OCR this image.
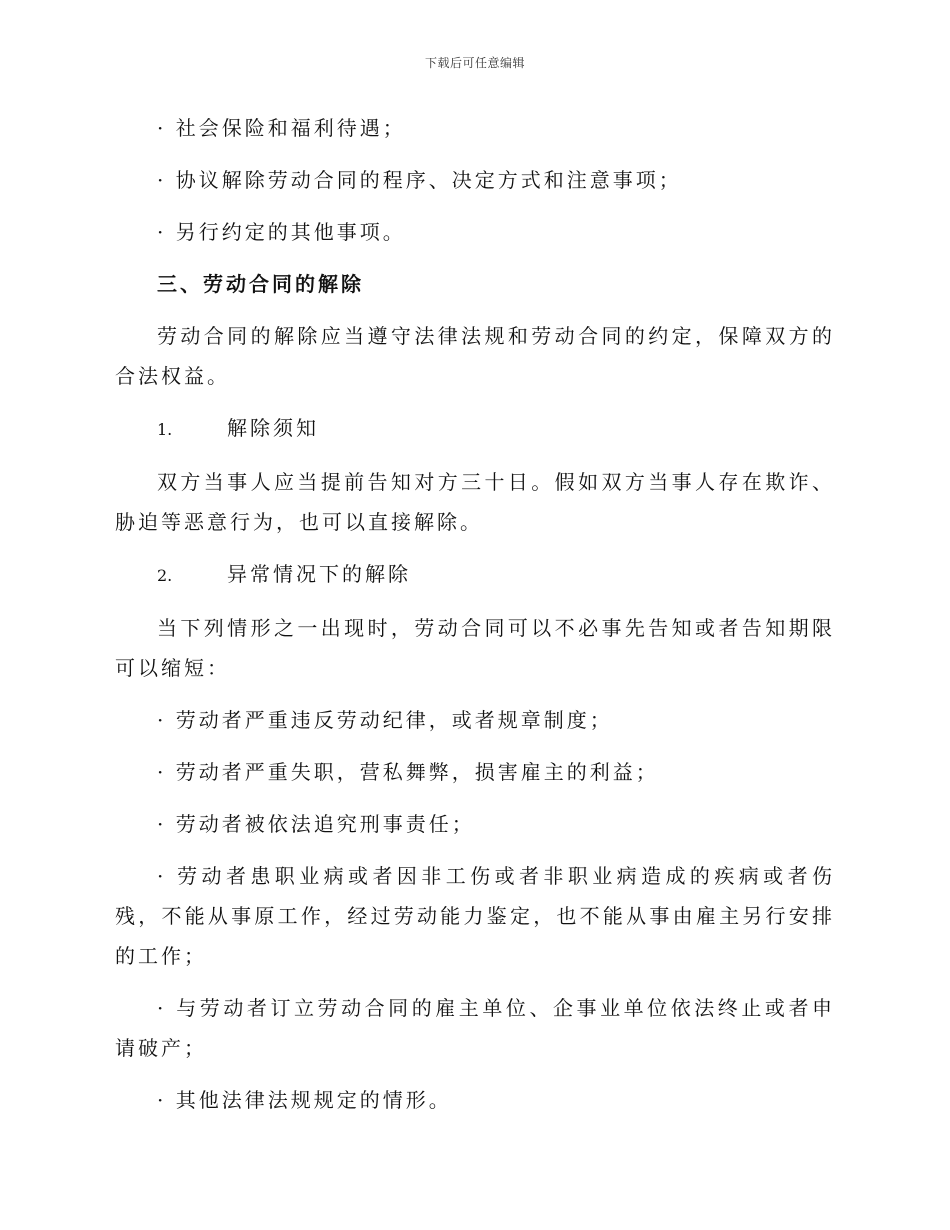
下载后可任意编辑

· 社会保险和福利待遇；

· 协议解除劳动合同的程序、决定方式和注意事项；

· 另行约定的其他事项。

三、劳动合同的解除

劳动合同的解除应当遵守法律法规和劳动合同的约定，保障双方的合法权益。

1.	解除须知

双方当事人应当提前告知对方三十日。假如双方当事人存在欺诈、胁迫等恶意行为，也可以直接解除。

2.	异常情况下的解除

当下列情形之一出现时，劳动合同可以不必事先告知或者告知期限可以缩短：

· 劳动者严重违反劳动纪律，或者规章制度；

· 劳动者严重失职，营私舞弊，损害雇主的利益；

· 劳动者被依法追究刑事责任；

· 劳动者患职业病或者因非工伤或者非职业病造成的疾病或者伤残，不能从事原工作，经过劳动能力鉴定，也不能从事由雇主另行安排的工作；

· 与劳动者订立劳动合同的雇主单位、企事业单位依法终止或者申请破产；

· 其他法律法规规定的情形。
